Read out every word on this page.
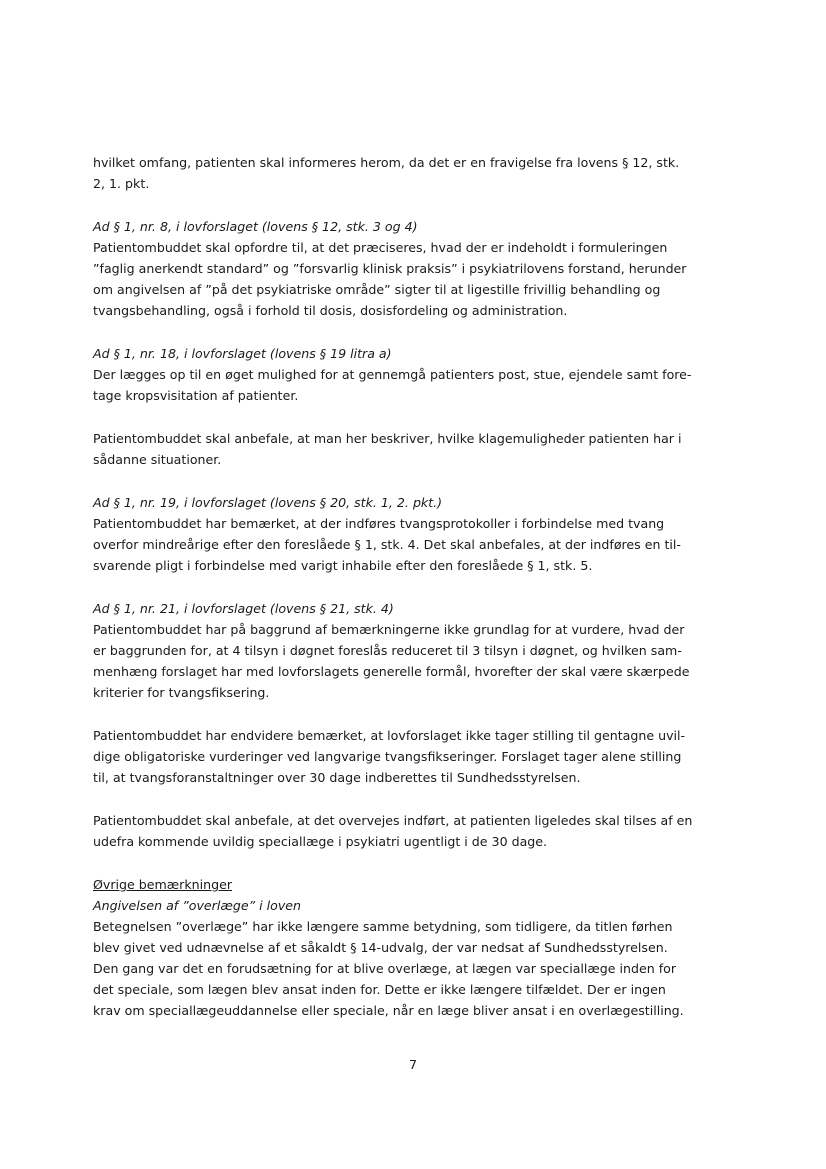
hvilket omfang, patienten skal informeres herom, da det er en fravigelse fra lovens § 12, stk.
2, 1. pkt.

Ad § 1, nr. 8, i lovforslaget (lovens § 12, stk. 3 og 4)

Patientombuddet skal opfordre til, at det præciseres, hvad der er indeholdt i formuleringen
”faglig anerkendt standard” og ”forsvarlig klinisk praksis” i psykiatrilovens forstand, herunder
om angivelsen af ”på det psykiatriske område” sigter til at ligestille frivillig behandling og
tvangsbehandling, også i forhold til dosis, dosisfordeling og administration.

Ad § 1, nr. 18, i lovforslaget (lovens § 19 litra a)

Der lægges op til en øget mulighed for at gennemgå patienters post, stue, ejendele samt fore-
tage kropsvisitation af patienter.

Patientombuddet skal anbefale, at man her beskriver, hvilke klagemuligheder patienten har i
sådanne situationer.

Ad § 1, nr. 19, i lovforslaget (lovens § 20, stk. 1, 2. pkt.)

Patientombuddet har bemærket, at der indføres tvangsprotokoller i forbindelse med tvang
overfor mindreårige efter den foreslåede § 1, stk. 4. Det skal anbefales, at der indføres en til-
svarende pligt i forbindelse med varigt inhabile efter den foreslåede § 1, stk. 5.

Ad § 1, nr. 21, i lovforslaget (lovens § 21, stk. 4)

Patientombuddet har på baggrund af bemærkningerne ikke grundlag for at vurdere, hvad der
er baggrunden for, at 4 tilsyn i døgnet foreslås reduceret til 3 tilsyn i døgnet, og hvilken sam-
menhæng forslaget har med lovforslagets generelle formål, hvorefter der skal være skærpede
kriterier for tvangsfiksering.

Patientombuddet har endvidere bemærket, at lovforslaget ikke tager stilling til gentagne uvil-
dige obligatoriske vurderinger ved langvarige tvangsfikseringer. Forslaget tager alene stilling
til, at tvangsforanstaltninger over 30 dage indberettes til Sundhedsstyrelsen.

Patientombuddet skal anbefale, at det overvejes indført, at patienten ligeledes skal tilses af en
udefra kommende uvildig speciallæge i psykiatri ugentligt i de 30 dage.

Øvrige bemærkninger

Angivelsen af ”overlæge” i loven

Betegnelsen ”overlæge” har ikke længere samme betydning, som tidligere, da titlen førhen
blev givet ved udnævnelse af et såkaldt § 14-udvalg, der var nedsat af Sundhedsstyrelsen.
Den gang var det en forudsætning for at blive overlæge, at lægen var speciallæge inden for
det speciale, som lægen blev ansat inden for. Dette er ikke længere tilfældet. Der er ingen
krav om speciallægeuddannelse eller speciale, når en læge bliver ansat i en overlægestilling.

7
